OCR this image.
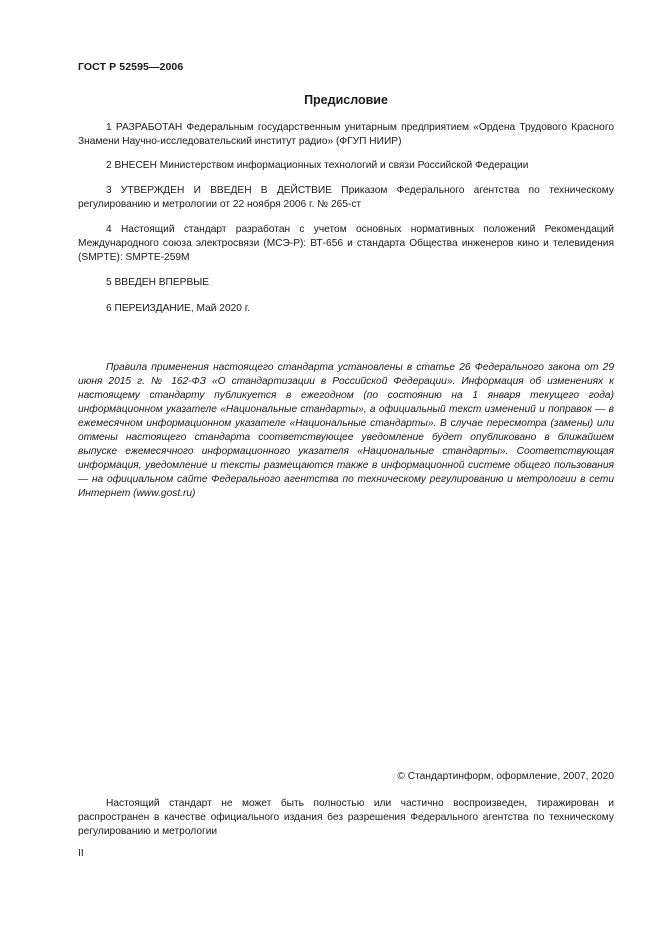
ГОСТ Р 52595—2006
Предисловие

1 РАЗРАБОТАН Федеральным государственным унитарным предприятием «Ордена Трудового Красного Знамени Научно-исследовательский институт радио» (ФГУП НИИР)

2 ВНЕСЕН Министерством информационных технологий и связи Российской Федерации

3 УТВЕРЖДЕН И ВВЕДЕН В ДЕЙСТВИЕ Приказом Федерального агентства по техническому регулированию и метрологии от 22 ноября 2006 г. № 265-ст

4 Настоящий стандарт разработан с учетом основных нормативных положений Рекомендаций Международного союза электросвязи (МСЭ-Р): ВТ-656 и стандарта Общества инженеров кино и телевидения (SMPTE): SMPTE-259M

5 ВВЕДЕН ВПЕРВЫЕ

6 ПЕРЕИЗДАНИЕ, Май 2020 г.

Правила применения настоящего стандарта установлены в статье 26 Федерального закона от 29 июня 2015 г. № 162-ФЗ «О стандартизации в Российской Федерации». Информация об изменениях к настоящему стандарту публикуется в ежегодном (по состоянию на 1 января текущего года) информационном указателе «Национальные стандарты», а официальный текст изменений и поправок — в ежемесячном информационном указателе «Национальные стандарты». В случае пересмотра (замены) или отмены настоящего стандарта соответствующее уведомление будет опубликовано в ближайшем выпуске ежемесячного информационного указателя «Национальные стандарты». Соответствующая информация, уведомление и тексты размещаются также в информационной системе общего пользования — на официальном сайте Федерального агентства по техническому регулированию и метрологии в сети Интернет (www.gost.ru)

© Стандартинформ, оформление, 2007, 2020

Настоящий стандарт не может быть полностью или частично воспроизведен, тиражирован и распространен в качестве официального издания без разрешения Федерального агентства по техническому регулированию и метрологии

II
